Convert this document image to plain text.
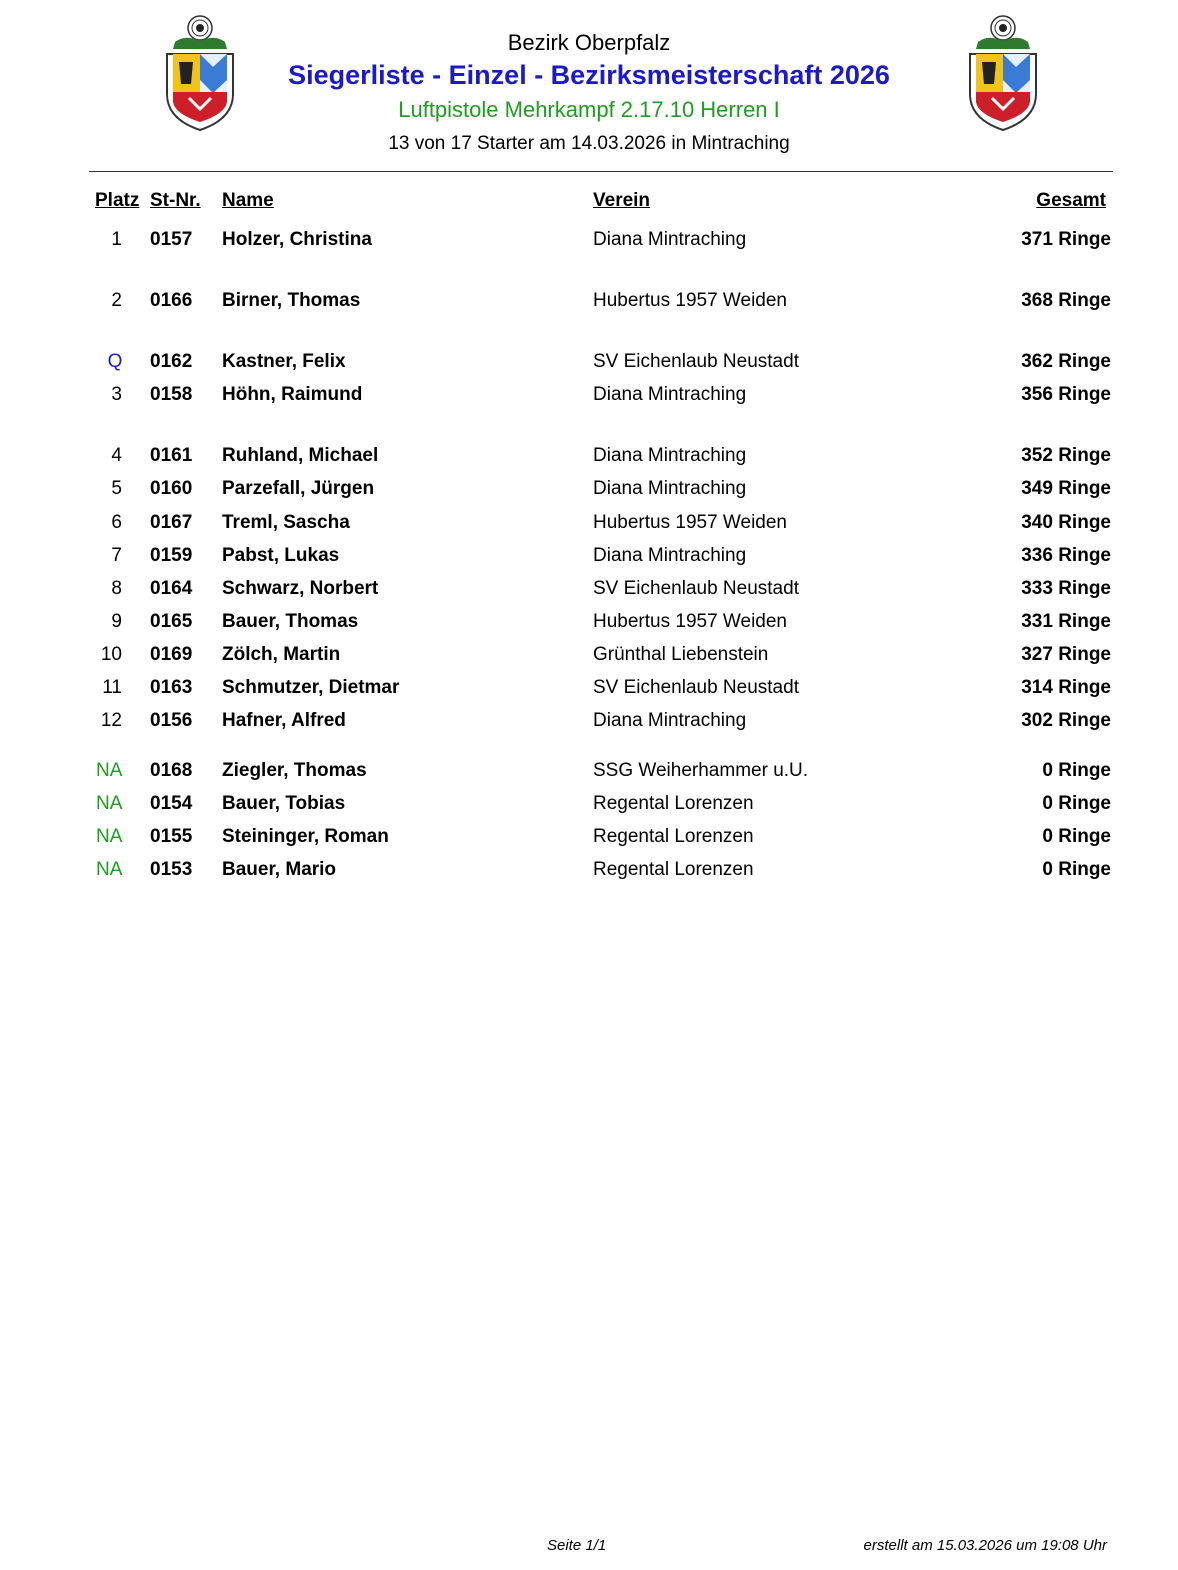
Bezirk Oberpfalz
Siegerliste - Einzel - Bezirksmeisterschaft 2026
Luftpistole Mehrkampf 2.17.10 Herren I
13 von 17 Starter am 14.03.2026 in Mintraching
Platz St-Nr. Name	Verein	Gesamt
1 0157 Holzer, Christina	Diana Mintraching	371 Ringe
2 0166 Birner, Thomas	Hubertus 1957 Weiden	368 Ringe
Q	0162 Kastner, Felix	SV Eichenlaub Neustadt	362 Ringe
3 0158 Höhn, Raimund	Diana Mintraching	356 Ringe
4 0161 Ruhland, Michael	Diana Mintraching	352 Ringe
5 0160 Parzefall, Jürgen	Diana Mintraching	349 Ringe
6 0167 Treml, Sascha	Hubertus 1957 Weiden	340 Ringe
7 0159 Pabst, Lukas	Diana Mintraching	336 Ringe
8 0164 Schwarz, Norbert	SV Eichenlaub Neustadt	333 Ringe
9 0165 Bauer, Thomas	Hubertus 1957 Weiden	331 Ringe
10 0169 Zölch, Martin	Grünthal Liebenstein	327 Ringe
11 0163 Schmutzer, Dietmar	SV Eichenlaub Neustadt	314 Ringe
12 0156 Hafner, Alfred	Diana Mintraching	302 Ringe
NA	0168 Ziegler, Thomas	SSG Weiherhammer u.U.	0 Ringe
NA	0154 Bauer, Tobias	Regental Lorenzen	0 Ringe
NA	0155 Steininger, Roman	Regental Lorenzen	0 Ringe
NA	0153 Bauer, Mario	Regental Lorenzen	0 Ringe
Seite 1/1	erstellt am 15.03.2026 um 19:08 Uhr
